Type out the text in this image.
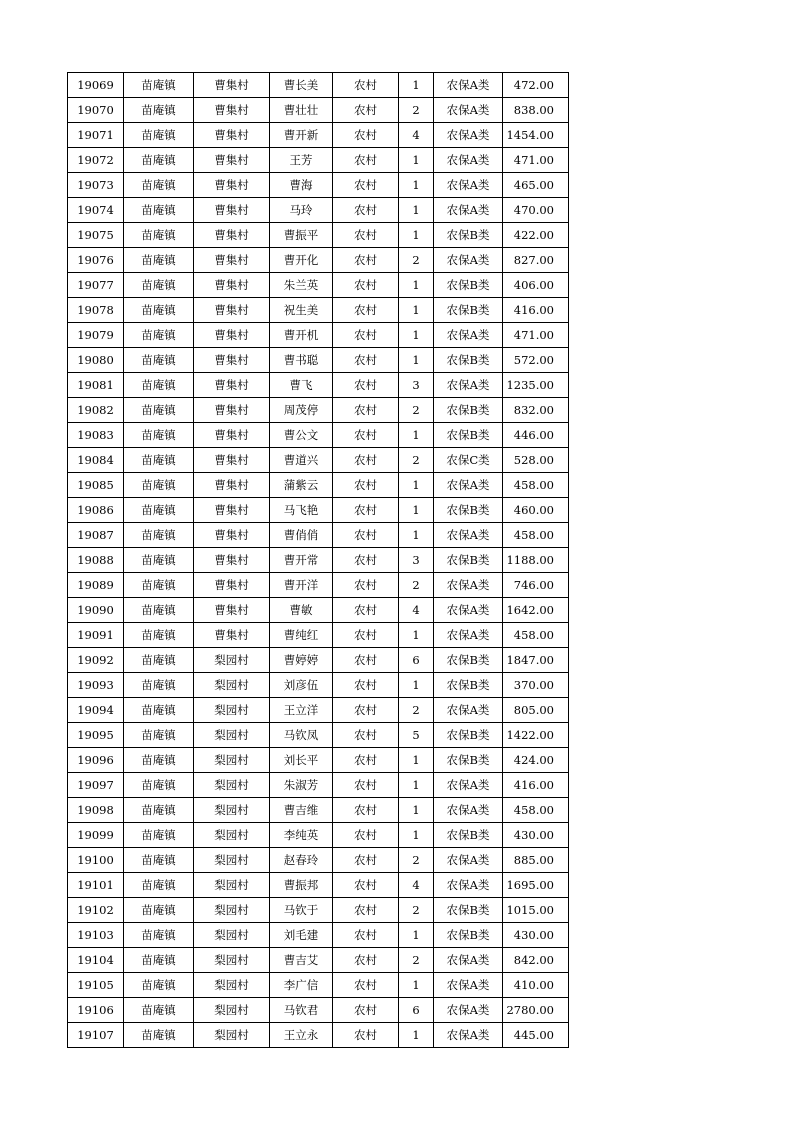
19069	苗庵镇	曹集村	曹长美	农村	1	农保A类	472.00
19070	苗庵镇	曹集村	曹壮壮	农村	2	农保A类	838.00
19071	苗庵镇	曹集村	曹开新	农村	4	农保A类	1454.00
19072	苗庵镇	曹集村	王芳	农村	1	农保A类	471.00
19073	苗庵镇	曹集村	曹海	农村	1	农保A类	465.00
19074	苗庵镇	曹集村	马玲	农村	1	农保A类	470.00
19075	苗庵镇	曹集村	曹振平	农村	1	农保B类	422.00
19076	苗庵镇	曹集村	曹开化	农村	2	农保A类	827.00
19077	苗庵镇	曹集村	朱兰英	农村	1	农保B类	406.00
19078	苗庵镇	曹集村	祝生美	农村	1	农保B类	416.00
19079	苗庵镇	曹集村	曹开机	农村	1	农保A类	471.00
19080	苗庵镇	曹集村	曹书聪	农村	1	农保B类	572.00
19081	苗庵镇	曹集村	曹飞	农村	3	农保A类	1235.00
19082	苗庵镇	曹集村	周茂停	农村	2	农保B类	832.00
19083	苗庵镇	曹集村	曹公文	农村	1	农保B类	446.00
19084	苗庵镇	曹集村	曹道兴	农村	2	农保C类	528.00
19085	苗庵镇	曹集村	蒲紫云	农村	1	农保A类	458.00
19086	苗庵镇	曹集村	马飞艳	农村	1	农保B类	460.00
19087	苗庵镇	曹集村	曹俏俏	农村	1	农保A类	458.00
19088	苗庵镇	曹集村	曹开常	农村	3	农保B类	1188.00
19089	苗庵镇	曹集村	曹开洋	农村	2	农保A类	746.00
19090	苗庵镇	曹集村	曹敏	农村	4	农保A类	1642.00
19091	苗庵镇	曹集村	曹纯红	农村	1	农保A类	458.00
19092	苗庵镇	梨园村	曹婷婷	农村	6	农保B类	1847.00
19093	苗庵镇	梨园村	刘彦伍	农村	1	农保B类	370.00
19094	苗庵镇	梨园村	王立洋	农村	2	农保A类	805.00
19095	苗庵镇	梨园村	马钦凤	农村	5	农保B类	1422.00
19096	苗庵镇	梨园村	刘长平	农村	1	农保B类	424.00
19097	苗庵镇	梨园村	朱淑芳	农村	1	农保A类	416.00
19098	苗庵镇	梨园村	曹吉维	农村	1	农保A类	458.00
19099	苗庵镇	梨园村	李纯英	农村	1	农保B类	430.00
19100	苗庵镇	梨园村	赵春玲	农村	2	农保A类	885.00
19101	苗庵镇	梨园村	曹振邦	农村	4	农保A类	1695.00
19102	苗庵镇	梨园村	马钦于	农村	2	农保B类	1015.00
19103	苗庵镇	梨园村	刘毛建	农村	1	农保B类	430.00
19104	苗庵镇	梨园村	曹吉艾	农村	2	农保A类	842.00
19105	苗庵镇	梨园村	李广信	农村	1	农保A类	410.00
19106	苗庵镇	梨园村	马钦君	农村	6	农保A类	2780.00
19107	苗庵镇	梨园村	王立永	农村	1	农保A类	445.00
